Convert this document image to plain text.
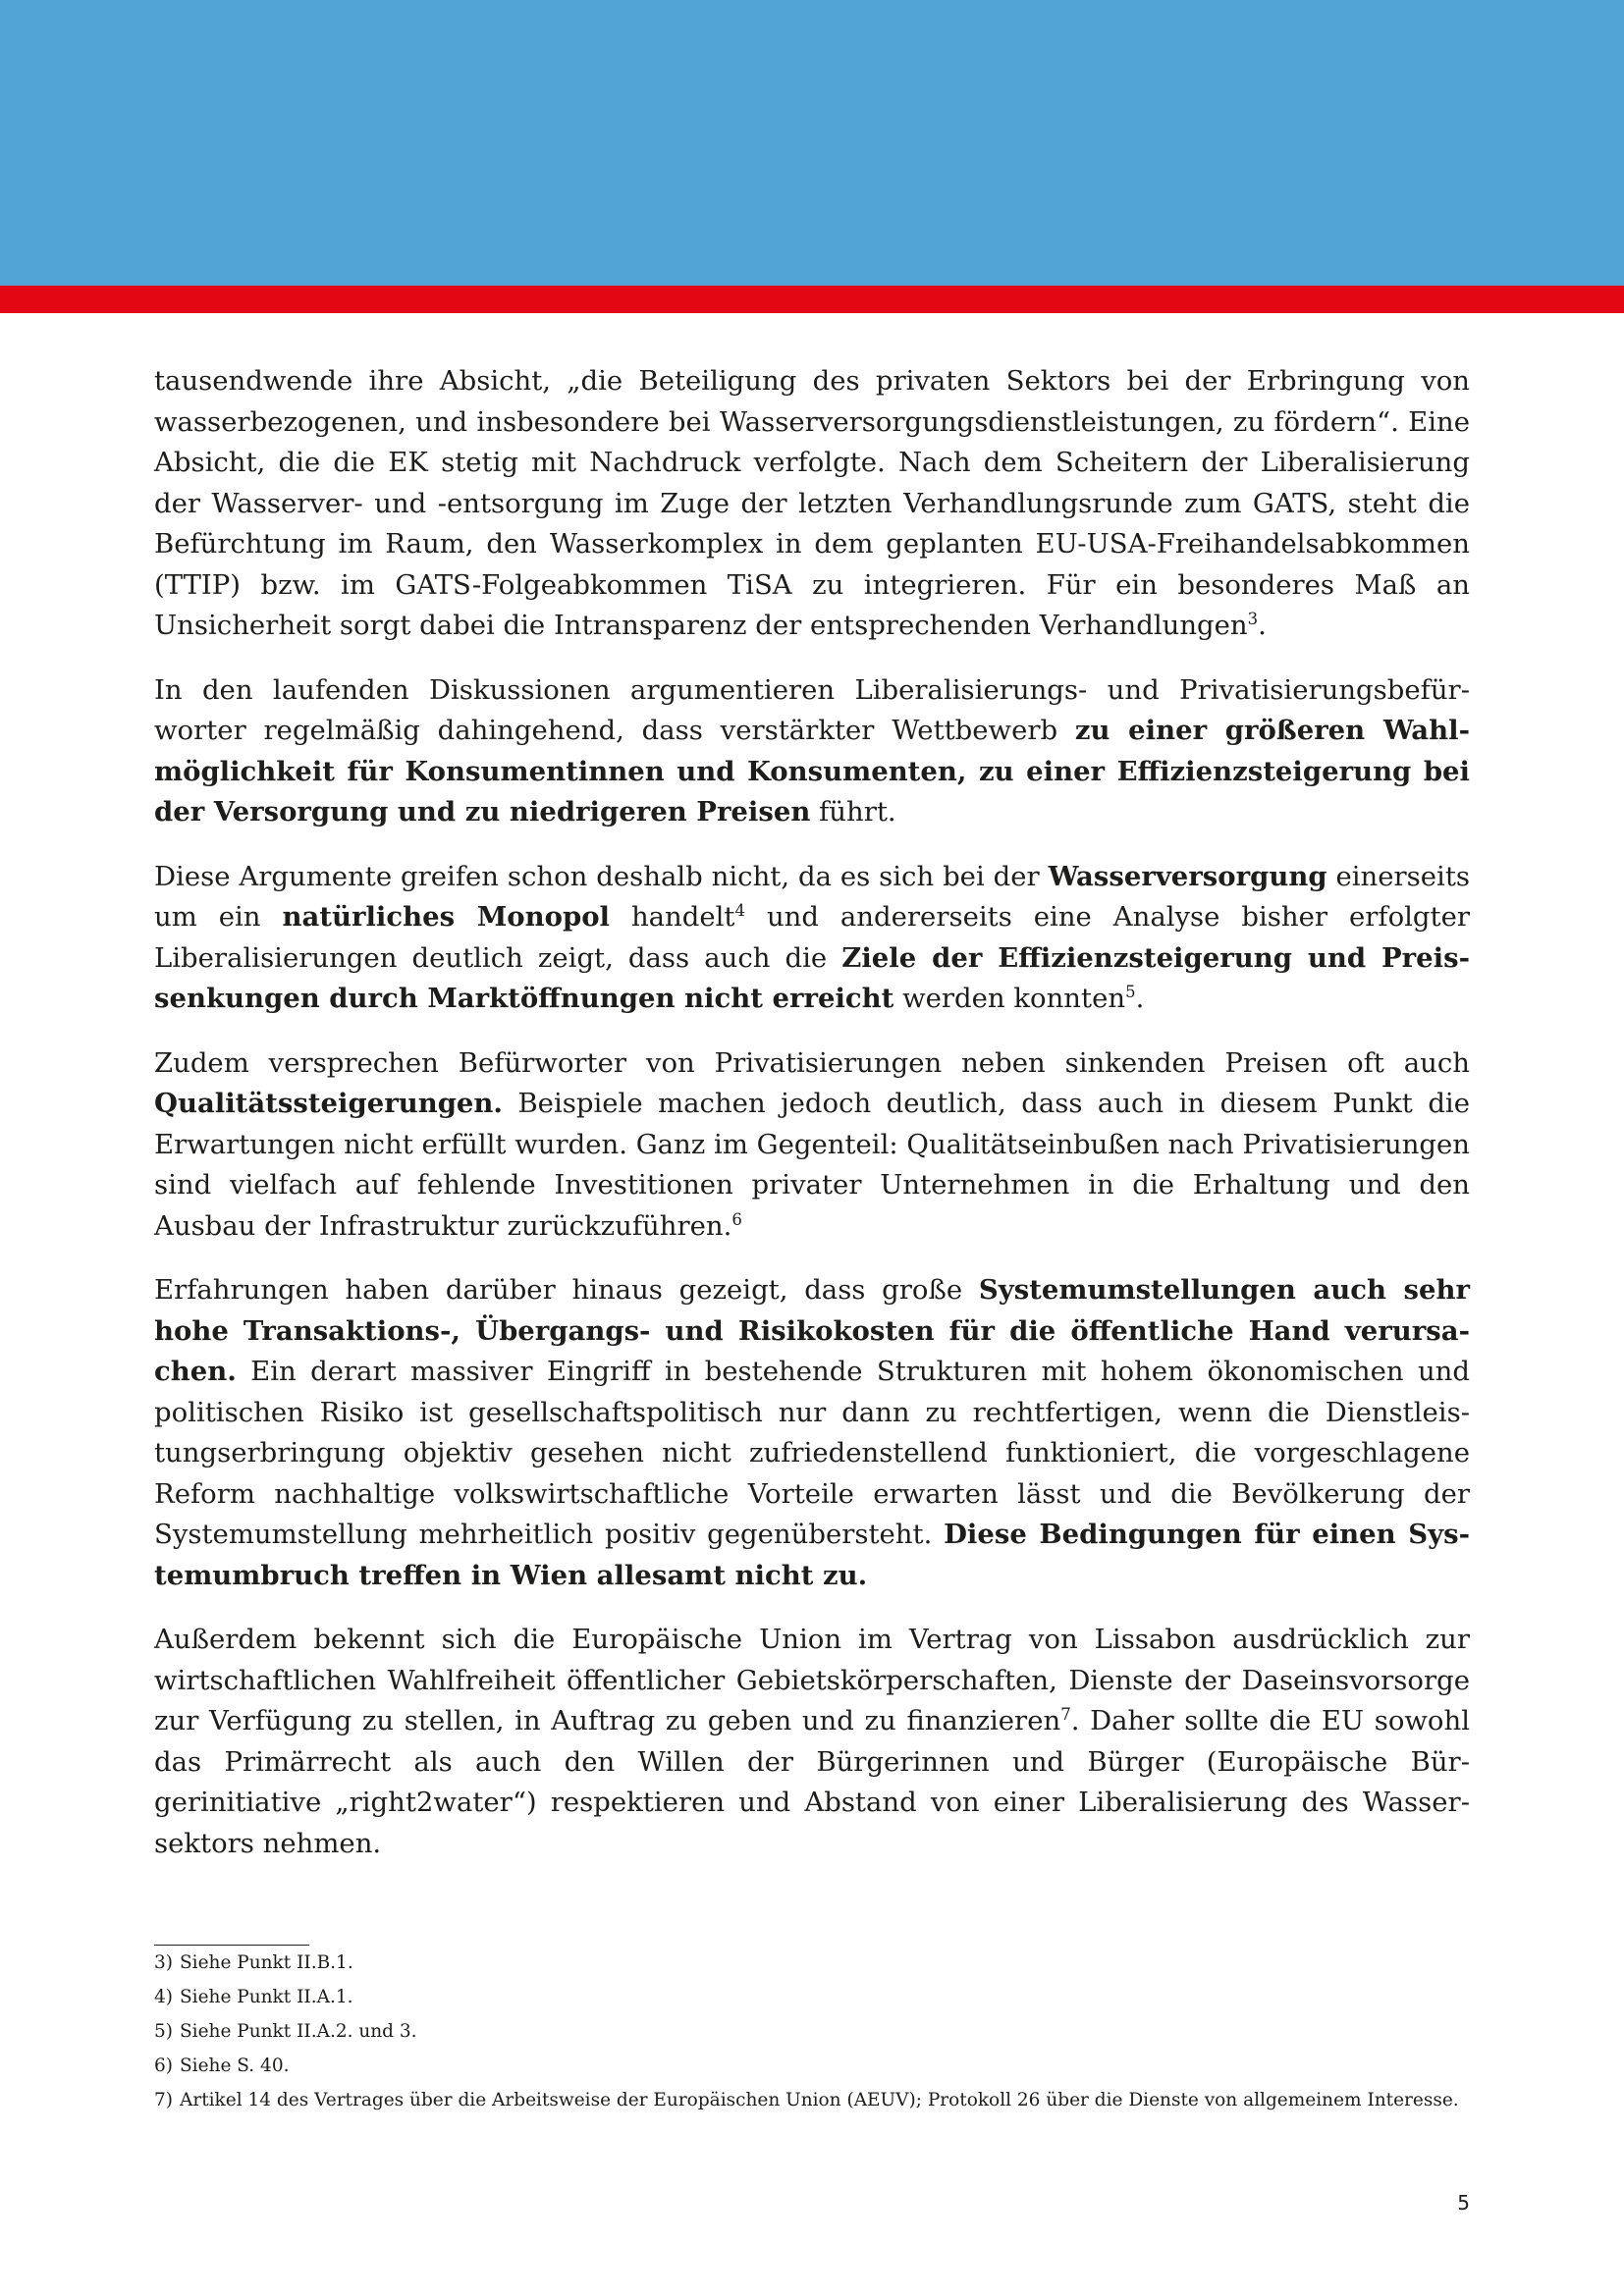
tausendwende ihre Absicht, „die Beteiligung des privaten Sektors bei der Erbringung von wasserbezogenen, und insbesondere bei Wasserversorgungsdienstleistungen, zu fördern“. Eine Absicht, die die EK stetig mit Nachdruck verfolgte. Nach dem Scheitern der Liberalisierung der Wasserver- und -entsorgung im Zuge der letzten Verhandlungsrunde zum GATS, steht die Befürchtung im Raum, den Wasserkomplex in dem geplanten EU-USA-Freihandelsabkommen (TTIP) bzw. im GATS-Folgeabkommen TiSA zu integrieren. Für ein besonderes Maß an Unsicherheit sorgt dabei die Intransparenz der entsprechenden Verhandlungen$^3$.

In den laufenden Diskussionen argumentieren Liberalisierungs- und Privatisierungsbefürworter regelmäßig dahingehend, dass verstärkter Wettbewerb zu einer größeren Wahlmöglichkeit für Konsumentinnen und Konsumenten, zu einer Effizienzsteigerung bei der Versorgung und zu niedrigeren Preisen führt.

Diese Argumente greifen schon deshalb nicht, da es sich bei der Wasserversorgung einerseits um ein natürliches Monopol handelt$^4$ und andererseits eine Analyse bisher erfolgter Liberalisierungen deutlich zeigt, dass auch die Ziele der Effizienzsteigerung und Preissenkungen durch Marktöffnungen nicht erreicht werden konnten$^5$.

Zudem versprechen Befürworter von Privatisierungen neben sinkenden Preisen oft auch Qualitätssteigerungen. Beispiele machen jedoch deutlich, dass auch in diesem Punkt die Erwartungen nicht erfüllt wurden. Ganz im Gegenteil: Qualitätseinbußen nach Privatisierungen sind vielfach auf fehlende Investitionen privater Unternehmen in die Erhaltung und den Ausbau der Infrastruktur zurückzuführen.$^6$

Erfahrungen haben darüber hinaus gezeigt, dass große Systemumstellungen auch sehr hohe Transaktions-, Übergangs- und Risikokosten für die öffentliche Hand verursachen. Ein derart massiver Eingriff in bestehende Strukturen mit hohem ökonomischen und politischen Risiko ist gesellschaftspolitisch nur dann zu rechtfertigen, wenn die Dienstleistungserbringung objektiv gesehen nicht zufriedenstellend funktioniert, die vorgeschlagene Reform nachhaltige volkswirtschaftliche Vorteile erwarten lässt und die Bevölkerung der Systemumstellung mehrheitlich positiv gegenübersteht. Diese Bedingungen für einen Systemumbruch treffen in Wien allesamt nicht zu.

Außerdem bekennt sich die Europäische Union im Vertrag von Lissabon ausdrücklich zur wirtschaftlichen Wahlfreiheit öffentlicher Gebietskörperschaften, Dienste der Daseinsvorsorge zur Verfügung zu stellen, in Auftrag zu geben und zu finanzieren$^7$. Daher sollte die EU sowohl das Primärrecht als auch den Willen der Bürgerinnen und Bürger (Europäische Bürgerinitiative „right2water“) respektieren und Abstand von einer Liberalisierung des Wassersektors nehmen.

3) Siehe Punkt II.B.1.
4) Siehe Punkt II.A.1.
5) Siehe Punkt II.A.2. und 3.
6) Siehe S. 40.
7) Artikel 14 des Vertrages über die Arbeitsweise der Europäischen Union (AEUV); Protokoll 26 über die Dienste von allgemeinem Interesse.
5
